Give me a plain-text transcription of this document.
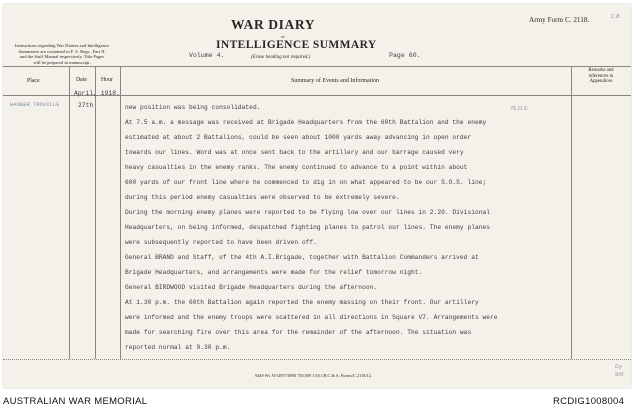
Instructions regarding War Diaries and Intelligence
Summaries are contained in F. S. Regs., Part II.
and the Staff Manual respectively. Title Pages
will be prepared in manuscript.
WAR DIARY
or
INTELLIGENCE SUMMARY
(Erase heading not required.)
Volume 4.	Page 60.
Army Form C. 2118.	C.B.
Place	Date Hour	Summary of Events and Information
Remarks and
references to
Appendices
April, 1918.
HANGER TROVILLE	27th	new position was being consolidated.
At 7.5 a.m. a message was received at Brigade Headquarters from the 60th Battalion and the enemy
estimated at about 2 Battalions, could be seen about 1000 yards away advancing in open order
towards our lines. Word was at once sent back to the artillery and our barrage caused very
heavy casualties in the enemy ranks. The enemy continued to advance to a point within about
600 yards of our front line where he commenced to dig in on what appeared to be our S.O.S. line;
during this period enemy casualties were observed to be extremely severe.
During the morning enemy planes were reported to be flying low over our lines in 2.20. Divisional
Headquarters, on being informed, despatched fighting planes to patrol our lines. The enemy planes
were subsequently reported to have been driven off.
General BRAND and Staff, of the 4th A.I.Brigade, together with Battalion Commanders arrived at
Brigade Headquarters, and arrangements were made for the relief tomorrow night.
General BIRDWOOD visited Brigade Headquarters during the afternoon.
At 1.30 p.m. the 60th Battalion again reported the enemy massing on their front. Our artillery
were informed and the enemy troops were scattered in all directions in Square V7. Arrangements were
made for searching fire over this area for the remainder of the afternoon. The situation was
reported normal at 9.30 p.m.
?S.O.S.
Gy
9/0
9449 Wt. W14957/M90 750,000 1/16 J.B.C.& A. Forms/C.2118/12.
AUSTRALIAN WAR MEMORIAL	RCDIG1008004
